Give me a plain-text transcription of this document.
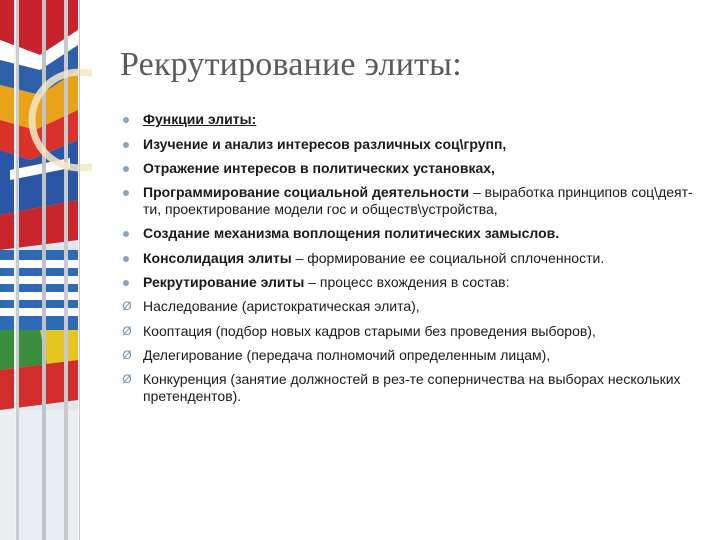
Рекрутирование элиты:
Функции элиты:
Изучение и анализ интересов различных соц\групп,
Отражение интересов в политических установках,
Программирование социальной деятельности – выработка принципов соц\деят-ти, проектирование модели гос и обществ\устройства,
Создание механизма воплощения политических замыслов.
Консолидация элиты – формирование ее социальной сплоченности.
Рекрутирование элиты – процесс вхождения в состав:
Ø Наследование (аристократическая элита),
Ø Кооптация (подбор новых кадров старыми без проведения выборов),
Ø Делегирование (передача полномочий определенным лицам),
Ø Конкуренция (занятие должностей в рез-те соперничества на выборах нескольких претендентов).
